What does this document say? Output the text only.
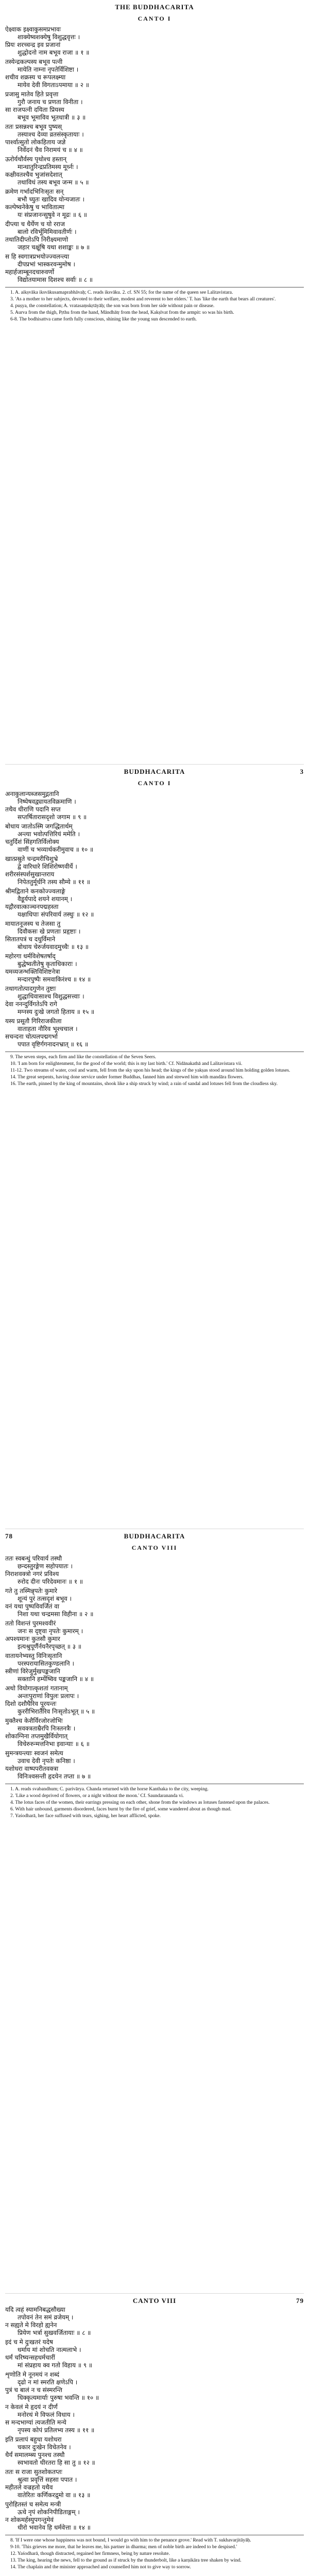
THE BUDDHACARITA
CANTO I
ऐक्ष्वाक इक्ष्वाकुसमप्रभावः
शाक्येष्वशक्येषु विशुद्धवृत्तः ।
प्रियः शरच्चन्द्र इव प्रजानां
शुद्धोदनो नाम बभूव राजा ॥ १ ॥
तस्येन्द्रकल्पस्य बभूव पत्नी
मायेति नाम्ना नृपतेर्विशिष्टा ।
शचीव शक्रस्य च रूपलक्ष्म्या
मायेव देवी विगताऽपमाया ॥ २ ॥
प्रजासु मातेव हिते प्रवृत्ता
गुरौ जनाय च प्रणता विनीता ।
सा राजपत्नी दयिता प्रियस्य
बभूव भूमाविव भूतधात्री ॥ ३ ॥
ततः प्रसन्नश्च बभूव पुष्यस्
तस्याश्च देव्या व्रतसंस्कृतायाः ।
पार्श्वात्सुतो लोकहिताय जज्ञे
निर्वेदनं चैव निरामयं च ॥ ४ ॥
ऊरोर्यथौर्वस्य पृथोश्च हस्तान्
मान्धातुरिन्द्रप्रतिमस्य मूर्ध्नः ।
कक्षीवतश्चैव भुजांसदेशात्
तथाविधं तस्य बभूव जन्म ॥ ५ ॥
क्रमेण गर्भादभिनिःसृतः सन्
बभौ च्युतः खादिव योन्यजातः ।
कल्पेष्वनेकेषु च भावितात्मा
यः संप्रजानन्सुषुवे न मूढः ॥ ६ ॥
दीप्त्या च धैर्येण च यो रराज
बालो रविर्भूमिमिवावतीर्णः ।
तथातिदीप्तोऽपि निरीक्ष्यमाणो
जहार चक्षूंषि यथा शशाङ्कः ॥ ७ ॥
स हि स्वगात्रप्रभयोज्ज्वलन्त्या
दीपप्रभां भास्करवन्मुमोष ।
महार्हजाम्बूनदचारुवर्णो
विद्योतयामास दिशश्च सर्वाः ॥ ८ ॥
1. A. aikṣvāka iksvākusamaprabhāvaḥ; C. reads iksvāku. 2. cf. SN 55; for the name of the queen see Lalitavistara.
3. 'As a mother to her subjects, devoted to their welfare, modest and reverent to her elders.' T. has 'like the earth that bears all creatures'.
4. puṣya, the constellation; A. vratasaṃskṛtāyāḥ; the son was born from her side without pain or disease.
5. Aurva from the thigh, Pṛthu from the hand, Māndhātṛ from the head, Kakṣīvat from the armpit: so was his birth.
6-8. The bodhisattva came forth fully conscious, shining like the young sun descended to earth.
BUDDHACARITA	3
CANTO I
अनाकुलान्यब्जसमुद्गतानि
निष्पेषवद्व्यायतविक्रमाणि ।
तथैव धीराणि पदानि सप्त
सप्तर्षितारासदृशो जगाम ॥ ९ ॥
बोधाय जातोऽस्मि जगद्धितार्थम्
अन्त्या भवोत्पत्तिरियं ममेति ।
चतुर्दिशं सिंहगतिर्विलोक्य
वाणीं च भव्यार्थकरीमुवाच ॥ १० ॥
खात्प्रस्रुते चन्द्रमरीचिशुभ्रे
द्वे वारिधारे शिशिरोष्णवीर्ये ।
शरीरसंस्पर्शसुखान्तराय
निपेततुर्मूर्धनि तस्य सौम्ये ॥ ११ ॥
श्रीमद्विताने कनकोज्ज्वलाङ्गे
वैडूर्यपादे शयने शयानम् ।
यद्गौरवात्काञ्चनपद्महस्ता
यक्षाधिपाः संपरिवार्य तस्थुः ॥ १२ ॥
मायातनूजस्य च तेजसा तु
दिवौकसः खे प्रणताः प्रहृष्टाः ।
सितातपत्रं च दधुर्विमाने
बोधाय चेरुर्जयवादमुच्चैः ॥ १३ ॥
महोरगा धर्मविशेषतर्षाद्
बुद्धेष्वतीतेषु कृताधिकाराः ।
यमव्यजन्भक्तिविशिष्टनेत्रा
मन्दारपुष्पैः समवाकिरंश्च ॥ १४ ॥
तथागतोत्पादगुणेन तुष्टाः
शुद्धाधिवासाश्च विशुद्धसत्त्वाः ।
देवा ननन्दुर्विगतेऽपि रागे
मग्नस्य दुःखे जगतो हिताय ॥ १५ ॥
यस्य प्रसूतौ गिरिराजकीला
वाताहता नौरिव भूश्चचाल ।
सचन्दना चोत्पलपद्मगर्भा
पपात वृष्टिर्गगनादनभ्रात् ॥ १६ ॥
9. The seven steps, each firm and like the constellation of the Seven Seers.
10. 'I am born for enlightenment, for the good of the world; this is my last birth.' Cf. Nidānakathā and Lalitavistara vii.
11-12. Two streams of water, cool and warm, fell from the sky upon his head; the kings of the yakṣas stood around him holding golden lotuses.
14. The great serpents, having done service under former Buddhas, fanned him and strewed him with mandāra flowers.
16. The earth, pinned by the king of mountains, shook like a ship struck by wind; a rain of sandal and lotuses fell from the cloudless sky.
78	BUDDHACARITA
CANTO VIII
ततः स्वबन्धुं परिवार्य तस्थौ
छन्दस्तुरङ्गेण सहोपयातः ।
निराशवक्त्रो नगरं प्रविश्य
रुरोद दीनः परिदेवमानः ॥ १ ॥
गते तु तस्मिन्नृपतेः कुमारे
शून्यं पुरं तत्सदृशं बभूव ।
वनं यथा पुष्पविवर्जितं वा
निशा यथा चन्द्रमसा विहीना ॥ २ ॥
ततो विशन्तं पुरमश्ववीरं
जनः स दृष्ट्वा नृपतेः कुमारम् ।
अपश्यमानः कुतसौ कुमार
इत्यश्रुपूर्णैर्नयनैरपृच्छत् ॥ ३ ॥
वातायनेभ्यस्तु विनिःसृतानि
परस्परायासितकुण्डलानि ।
स्त्रीणां विरेजुर्मुखपङ्कजानि
सक्तानि हर्म्येष्विव पङ्कजानि ॥ ४ ॥
अथो वियोगात्कृशतां गतानाम्
अन्तःपुराणां विपुलः प्रलापः ।
दिशो दशौघैरिव पूरयन्तः
कुररीभिरार्तैरिव निःसृतोऽभूत् ॥ ५ ॥
मुक्तैश्च केशैर्विरजोरजोभिः
सवक्त्रताम्रैरपि निःस्तनत्रैः ।
शोकाग्निना तप्तमुखैर्वियोगात्
विचेरुरुन्मत्तनिभा इवान्याः ॥ ६ ॥
सुमन्त्रयन्त्याः स्वजनं समेत्य
उवाच देवी नृपतेः कनिष्ठा ।
यशोधरा वाष्पपरीतवक्त्रा
विनिःश्वसन्ती हृदयेन तप्ता ॥ ७ ॥
1. A. reads svabandhum; C. parivārya. Chanda returned with the horse Kanthaka to the city, weeping.
2. 'Like a wood deprived of flowers, or a night without the moon.' Cf. Saundarananda vi.
4. The lotus faces of the women, their earrings pressing on each other, shone from the windows as lotuses fastened upon the palaces.
6. With hair unbound, garments disordered, faces burnt by the fire of grief, some wandered about as though mad.
7. Yaśodharā, her face suffused with tears, sighing, her heart afflicted, spoke.
CANTO VIII	79
यदि त्वहं स्यामनिबद्धसौख्या
तपोवनं तेन समं व्रजेयम् ।
न सह्यते मे विरहो ह्यनेन
प्रियेण भर्त्रा सुखवर्जितायाः ॥ ८ ॥
इदं च मे दुःखतरं यदेष
धर्माय मां शोचति नात्मलाभे ।
धर्मं चरिष्यन्सहधर्मचारीं
मां संप्रहाय क्व गतो विहाय ॥ ९ ॥
शृणोति मे नूनमयं न शब्दं
दृढो न मां स्मरति क्षणेऽपि ।
पुत्रं च बालं न च संस्मरन्ति
धिक्कृत्यमार्याः पुरुषा भवन्ति ॥ १० ॥
न केवलं मे हृदयं न दीर्णं
मनोरथं मे विफलं विधाय ।
स मन्दभाग्यां त्यजतीति मन्ये
नृपस्य कोपं प्रतिलभ्य तस्य ॥ ११ ॥
इति प्रलापं बहुधा यशोधरा
चकार दुःखेन विचेतनेव ।
धैर्यं समालम्ब्य पुनश्च तस्थौ
स्वभावतो धीरतरा हि सा तु ॥ १२ ॥
ततः स राजा सुतशोकतप्तः
श्रुत्वा प्रवृत्तिं सहसा पपात ।
महीतले वज्रहतो यथैव
वातेरितः कर्णिकरद्रुमो वा ॥ १३ ॥
पुरोहितस्तं च समेत्य मन्त्री
ऊचे नृपं शोकनिपीडिताङ्गम् ।
न शोकमर्हस्युपगन्तुमेवं
धीरो भवानेव हि धर्मवेत्ता ॥ १४ ॥
8. 'If I were one whose happiness was not bound, I would go with him to the penance grove.' Read with T. sukhavarjitāyāḥ.
9-10. 'This grieves me more, that he leaves me, his partner in dharma; men of noble birth are indeed to be despised.'
12. Yaśodharā, though distracted, regained her firmness, being by nature resolute.
13. The king, hearing the news, fell to the ground as if struck by the thunderbolt, like a karṇikāra tree shaken by wind.
14. The chaplain and the minister approached and counselled him not to give way to sorrow.
